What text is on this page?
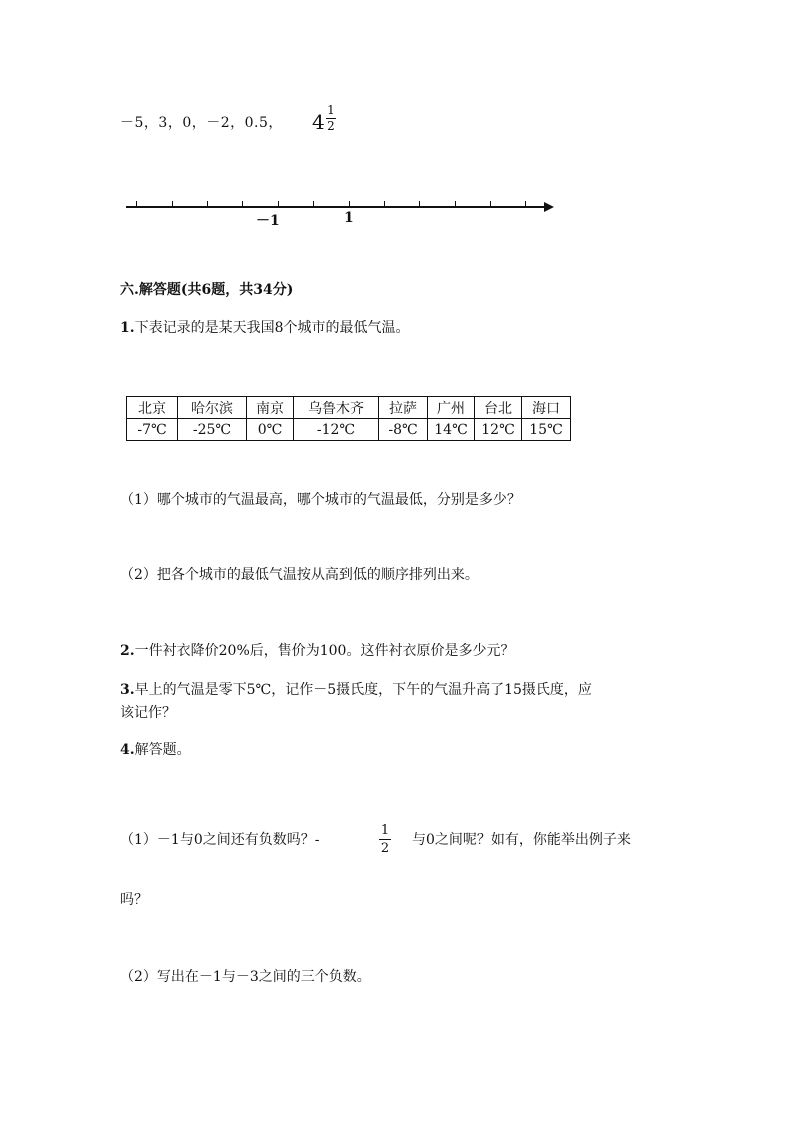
－5，3，0，－2，0.5， 4 1
2
－1	1
六.解答题(共6题，共34分)
1.下表记录的是某天我国8个城市的最低气温。
北京	哈尔滨	南京	乌鲁木齐	拉萨	广州	台北	海口
-7℃	-25℃	0℃	-12℃	-8℃	14℃	12℃	15℃
（1）哪个城市的气温最高，哪个城市的气温最低，分别是多少？
（2）把各个城市的最低气温按从高到低的顺序排列出来。
2.一件衬衣降价20%后，售价为100。这件衬衣原价是多少元？
3.早上的气温是零下5℃，记作－5摄氏度，下午的气温升高了15摄氏度，应
该记作？
4.解答题。
（1）－1与0之间还有负数吗？-
1
2
与0之间呢？如有，你能举出例子来
吗？
（2）写出在－1与－3之间的三个负数。
